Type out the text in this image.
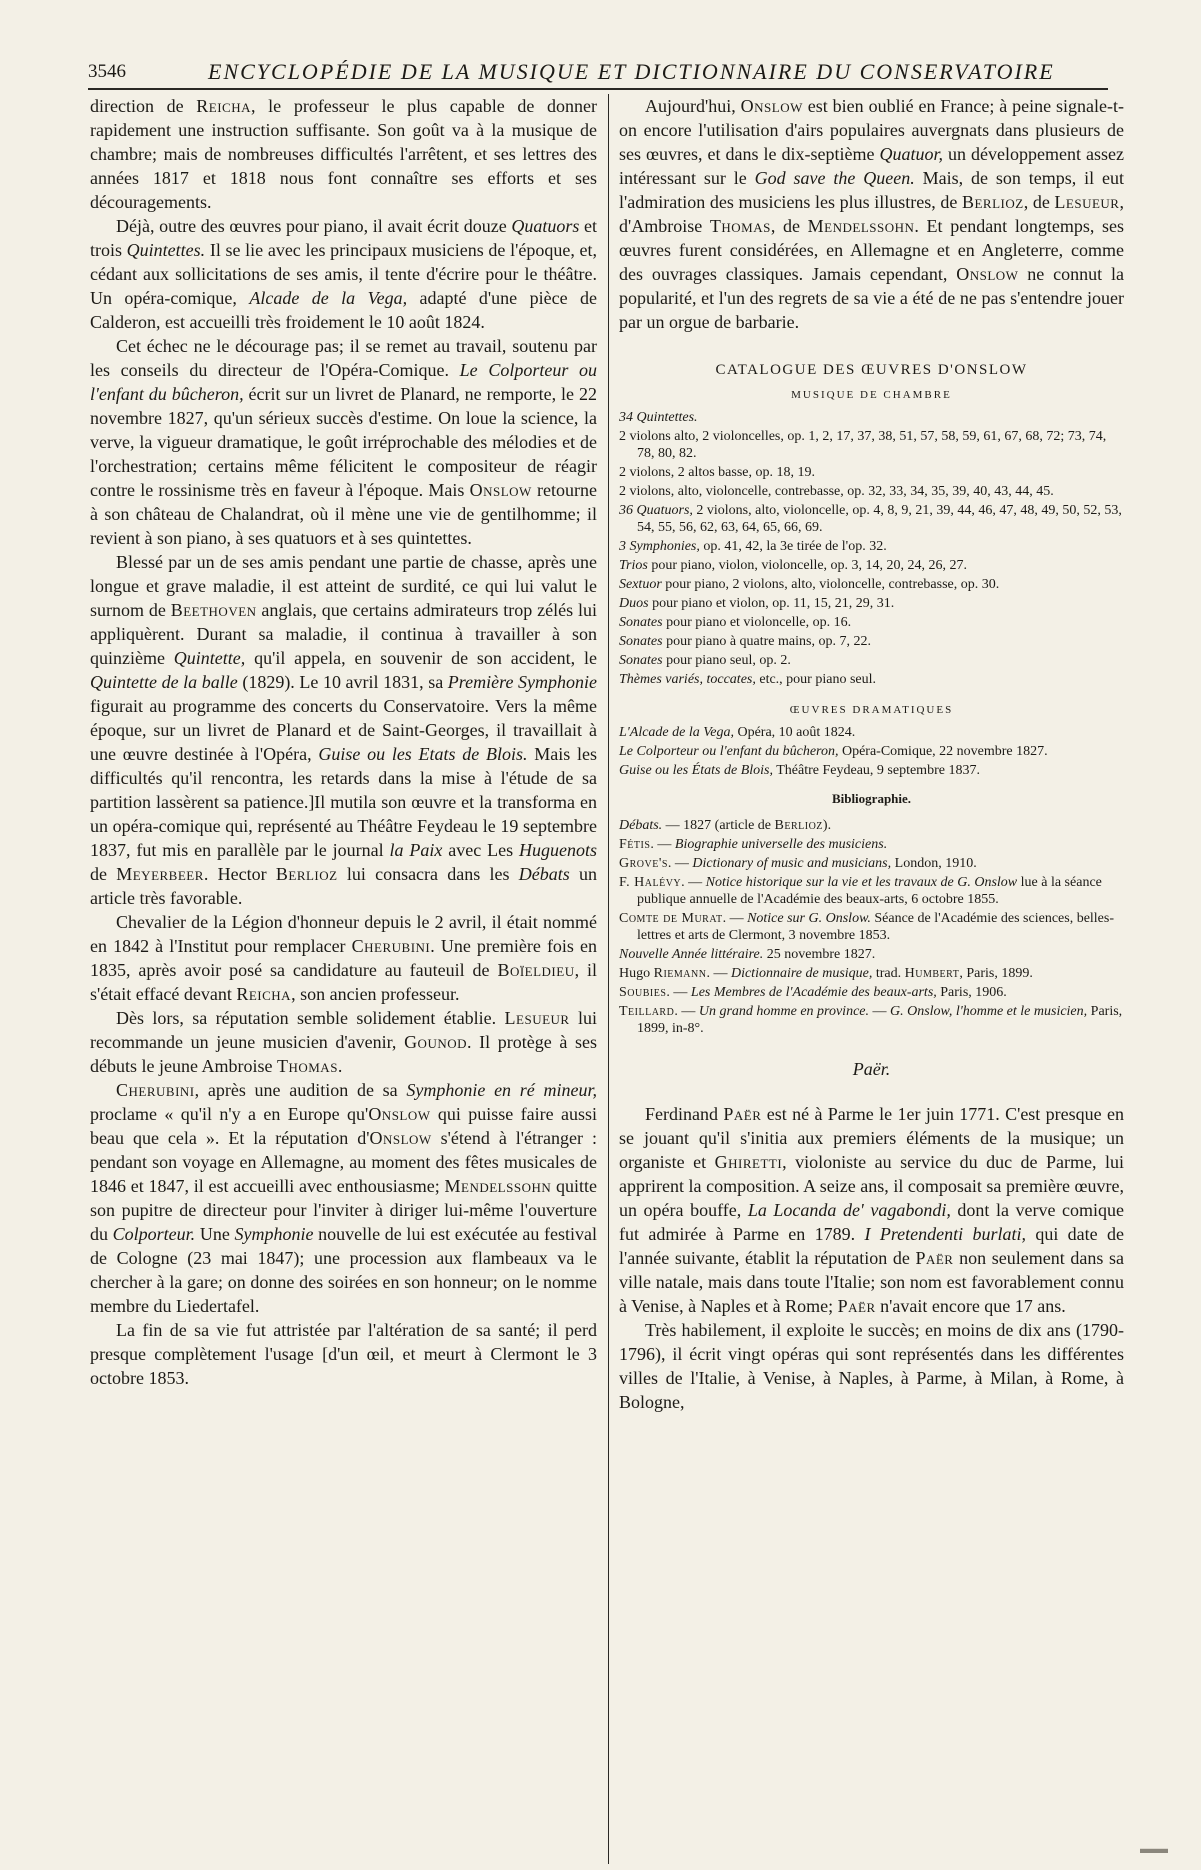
3546	ENCYCLOPÉDIE DE LA MUSIQUE ET DICTIONNAIRE DU CONSERVATOIRE

direction de Reicha, le professeur le plus capable de donner rapidement une instruction suffisante. Son goût va à la musique de chambre; mais de nombreuses difficultés l'arrêtent, et ses lettres des années 1817 et 1818 nous font connaître ses efforts et ses découragements.

Déjà, outre des œuvres pour piano, il avait écrit douze Quatuors et trois Quintettes. Il se lie avec les principaux musiciens de l'époque, et, cédant aux sollicitations de ses amis, il tente d'écrire pour le théâtre. Un opéra-comique, Alcade de la Vega, adapté d'une pièce de Calderon, est accueilli très froidement le 10 août 1824.

Cet échec ne le décourage pas; il se remet au travail, soutenu par les conseils du directeur de l'Opéra-Comique. Le Colporteur ou l'enfant du bûcheron, écrit sur un livret de Planard, ne remporte, le 22 novembre 1827, qu'un sérieux succès d'estime. On loue la science, la verve, la vigueur dramatique, le goût irréprochable des mélodies et de l'orchestration; certains même félicitent le compositeur de réagir contre le rossinisme très en faveur à l'époque. Mais Onslow retourne à son château de Chalandrat, où il mène une vie de gentilhomme; il revient à son piano, à ses quatuors et à ses quintettes.

Blessé par un de ses amis pendant une partie de chasse, après une longue et grave maladie, il est atteint de surdité, ce qui lui valut le surnom de Beethoven anglais, que certains admirateurs trop zélés lui appliquèrent. Durant sa maladie, il continua à travailler à son quinzième Quintette, qu'il appela, en souvenir de son accident, le Quintette de la balle (1829). Le 10 avril 1831, sa Première Symphonie figurait au programme des concerts du Conservatoire. Vers la même époque, sur un livret de Planard et de Saint-Georges, il travaillait à une œuvre destinée à l'Opéra, Guise ou les Etats de Blois. Mais les difficultés qu'il rencontra, les retards dans la mise à l'étude de sa partition lassèrent sa patience.]Il mutila son œuvre et la transforma en un opéra-comique qui, représenté au Théâtre Feydeau le 19 septembre 1837, fut mis en parallèle par le journal la Paix avec Les Huguenots de Meyerbeer. Hector Berlioz lui consacra dans les Débats un article très favorable.

Chevalier de la Légion d'honneur depuis le 2 avril, il était nommé en 1842 à l'Institut pour remplacer Cherubini. Une première fois en 1835, après avoir posé sa candidature au fauteuil de Boïeldieu, il s'était effacé devant Reicha, son ancien professeur.

Dès lors, sa réputation semble solidement établie. Lesueur lui recommande un jeune musicien d'avenir, Gounod. Il protège à ses débuts le jeune Ambroise Thomas.

Cherubini, après une audition de sa Symphonie en ré mineur, proclame « qu'il n'y a en Europe qu'Onslow qui puisse faire aussi beau que cela ». Et la réputation d'Onslow s'étend à l'étranger : pendant son voyage en Allemagne, au moment des fêtes musicales de 1846 et 1847, il est accueilli avec enthousiasme; Mendelssohn quitte son pupitre de directeur pour l'inviter à diriger lui-même l'ouverture du Colporteur. Une Symphonie nouvelle de lui est exécutée au festival de Cologne (23 mai 1847); une procession aux flambeaux va le chercher à la gare; on donne des soirées en son honneur; on le nomme membre du Liedertafel.

La fin de sa vie fut attristée par l'altération de sa santé; il perd presque complètement l'usage [d'un œil, et meurt à Clermont le 3 octobre 1853.

Aujourd'hui, Onslow est bien oublié en France; à peine signale-t-on encore l'utilisation d'airs populaires auvergnats dans plusieurs de ses œuvres, et dans le dix-septième Quatuor, un développement assez intéressant sur le God save the Queen. Mais, de son temps, il eut l'admiration des musiciens les plus illustres, de Berlioz, de Lesueur, d'Ambroise Thomas, de Mendelssohn. Et pendant longtemps, ses œuvres furent considérées, en Allemagne et en Angleterre, comme des ouvrages classiques. Jamais cependant, Onslow ne connut la popularité, et l'un des regrets de sa vie a été de ne pas s'entendre jouer par un orgue de barbarie.

CATALOGUE DES ŒUVRES D'ONSLOW
MUSIQUE DE CHAMBRE
34 Quintettes.
2 violons alto, 2 violoncelles, op. 1, 2, 17, 37, 38, 51, 57, 58, 59, 61, 67, 68, 72; 73, 74, 78, 80, 82.
2 violons, 2 altos basse, op. 18, 19.
2 violons, alto, violoncelle, contrebasse, op. 32, 33, 34, 35, 39, 40, 43, 44, 45.
36 Quatuors, 2 violons, alto, violoncelle, op. 4, 8, 9, 21, 39, 44, 46, 47, 48, 49, 50, 52, 53, 54, 55, 56, 62, 63, 64, 65, 66, 69.
3 Symphonies, op. 41, 42, la 3e tirée de l'op. 32.
Trios pour piano, violon, violoncelle, op. 3, 14, 20, 24, 26, 27.
Sextuor pour piano, 2 violons, alto, violoncelle, contrebasse, op. 30.
Duos pour piano et violon, op. 11, 15, 21, 29, 31.
Sonates pour piano et violoncelle, op. 16.
Sonates pour piano à quatre mains, op. 7, 22.
Sonates pour piano seul, op. 2.
Thèmes variés, toccates, etc., pour piano seul.
ŒUVRES DRAMATIQUES
L'Alcade de la Vega, Opéra, 10 août 1824.
Le Colporteur ou l'enfant du bûcheron, Opéra-Comique, 22 novembre 1827.
Guise ou les États de Blois, Théâtre Feydeau, 9 septembre 1837.
Bibliographie.
Débats. — 1827 (article de Berlioz).
Fétis. — Biographie universelle des musiciens.
Grove's. — Dictionary of music and musicians, London, 1910.
F. Halévy. — Notice historique sur la vie et les travaux de G. Onslow lue à la séance publique annuelle de l'Académie des beaux-arts, 6 octobre 1855.
Comte de Murat. — Notice sur G. Onslow. Séance de l'Académie des sciences, belles-lettres et arts de Clermont, 3 novembre 1853.
Nouvelle Année littéraire. 25 novembre 1827.
Hugo Riemann. — Dictionnaire de musique, trad. Humbert, Paris, 1899.
Soubies. — Les Membres de l'Académie des beaux-arts, Paris, 1906.
Teillard. — Un grand homme en province. — G. Onslow, l'homme et le musicien, Paris, 1899, in-8°.
Paër.

Ferdinand Paër est né à Parme le 1er juin 1771. C'est presque en se jouant qu'il s'initia aux premiers éléments de la musique; un organiste et Ghiretti, violoniste au service du duc de Parme, lui apprirent la composition. A seize ans, il composait sa première œuvre, un opéra bouffe, La Locanda de' vagabondi, dont la verve comique fut admirée à Parme en 1789. I Pretendenti burlati, qui date de l'année suivante, établit la réputation de Paër non seulement dans sa ville natale, mais dans toute l'Italie; son nom est favorablement connu à Venise, à Naples et à Rome; Paër n'avait encore que 17 ans.

Très habilement, il exploite le succès; en moins de dix ans (1790-1796), il écrit vingt opéras qui sont représentés dans les différentes villes de l'Italie, à Venise, à Naples, à Parme, à Milan, à Rome, à Bologne,

▬▬
